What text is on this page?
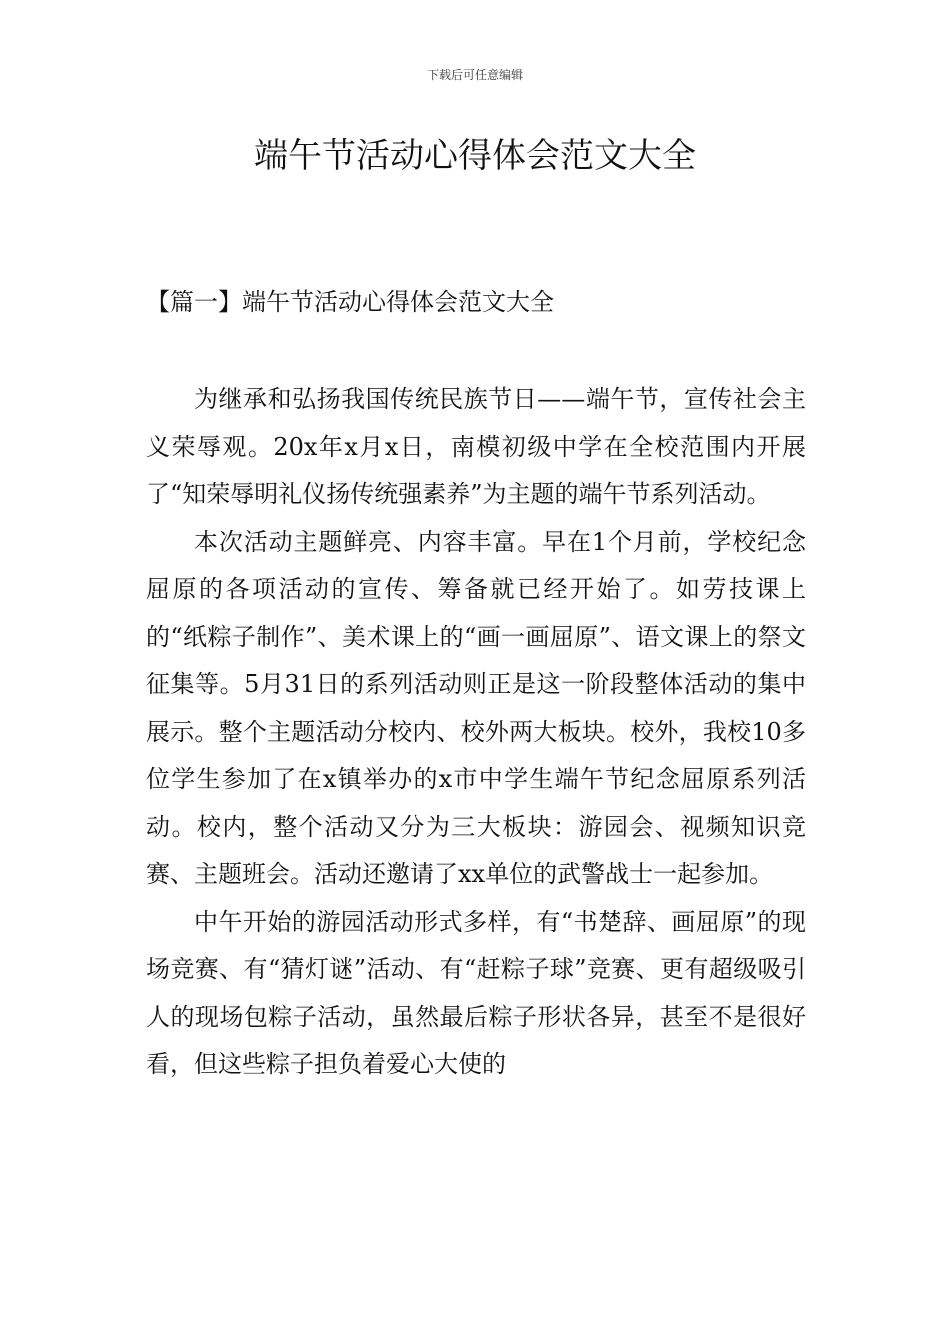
下载后可任意编辑
端午节活动心得体会范文大全
【篇一】端午节活动心得体会范文大全

为继承和弘扬我国传统民族节日——端午节，宣传社会主义荣辱观。20x年x月x日，南模初级中学在全校范围内开展了“知荣辱明礼仪扬传统强素养”为主题的端午节系列活动。

本次活动主题鲜亮、内容丰富。早在1个月前，学校纪念屈原的各项活动的宣传、筹备就已经开始了。如劳技课上的“纸粽子制作”、美术课上的“画一画屈原”、语文课上的祭文征集等。5月31日的系列活动则正是这一阶段整体活动的集中展示。整个主题活动分校内、校外两大板块。校外，我校10多位学生参加了在x镇举办的x市中学生端午节纪念屈原系列活动。校内，整个活动又分为三大板块：游园会、视频知识竞赛、主题班会。活动还邀请了xx单位的武警战士一起参加。

中午开始的游园活动形式多样，有“书楚辞、画屈原”的现场竞赛、有“猜灯谜”活动、有“赶粽子球”竞赛、更有超级吸引人的现场包粽子活动，虽然最后粽子形状各异，甚至不是很好看，但这些粽子担负着爱心大使的
